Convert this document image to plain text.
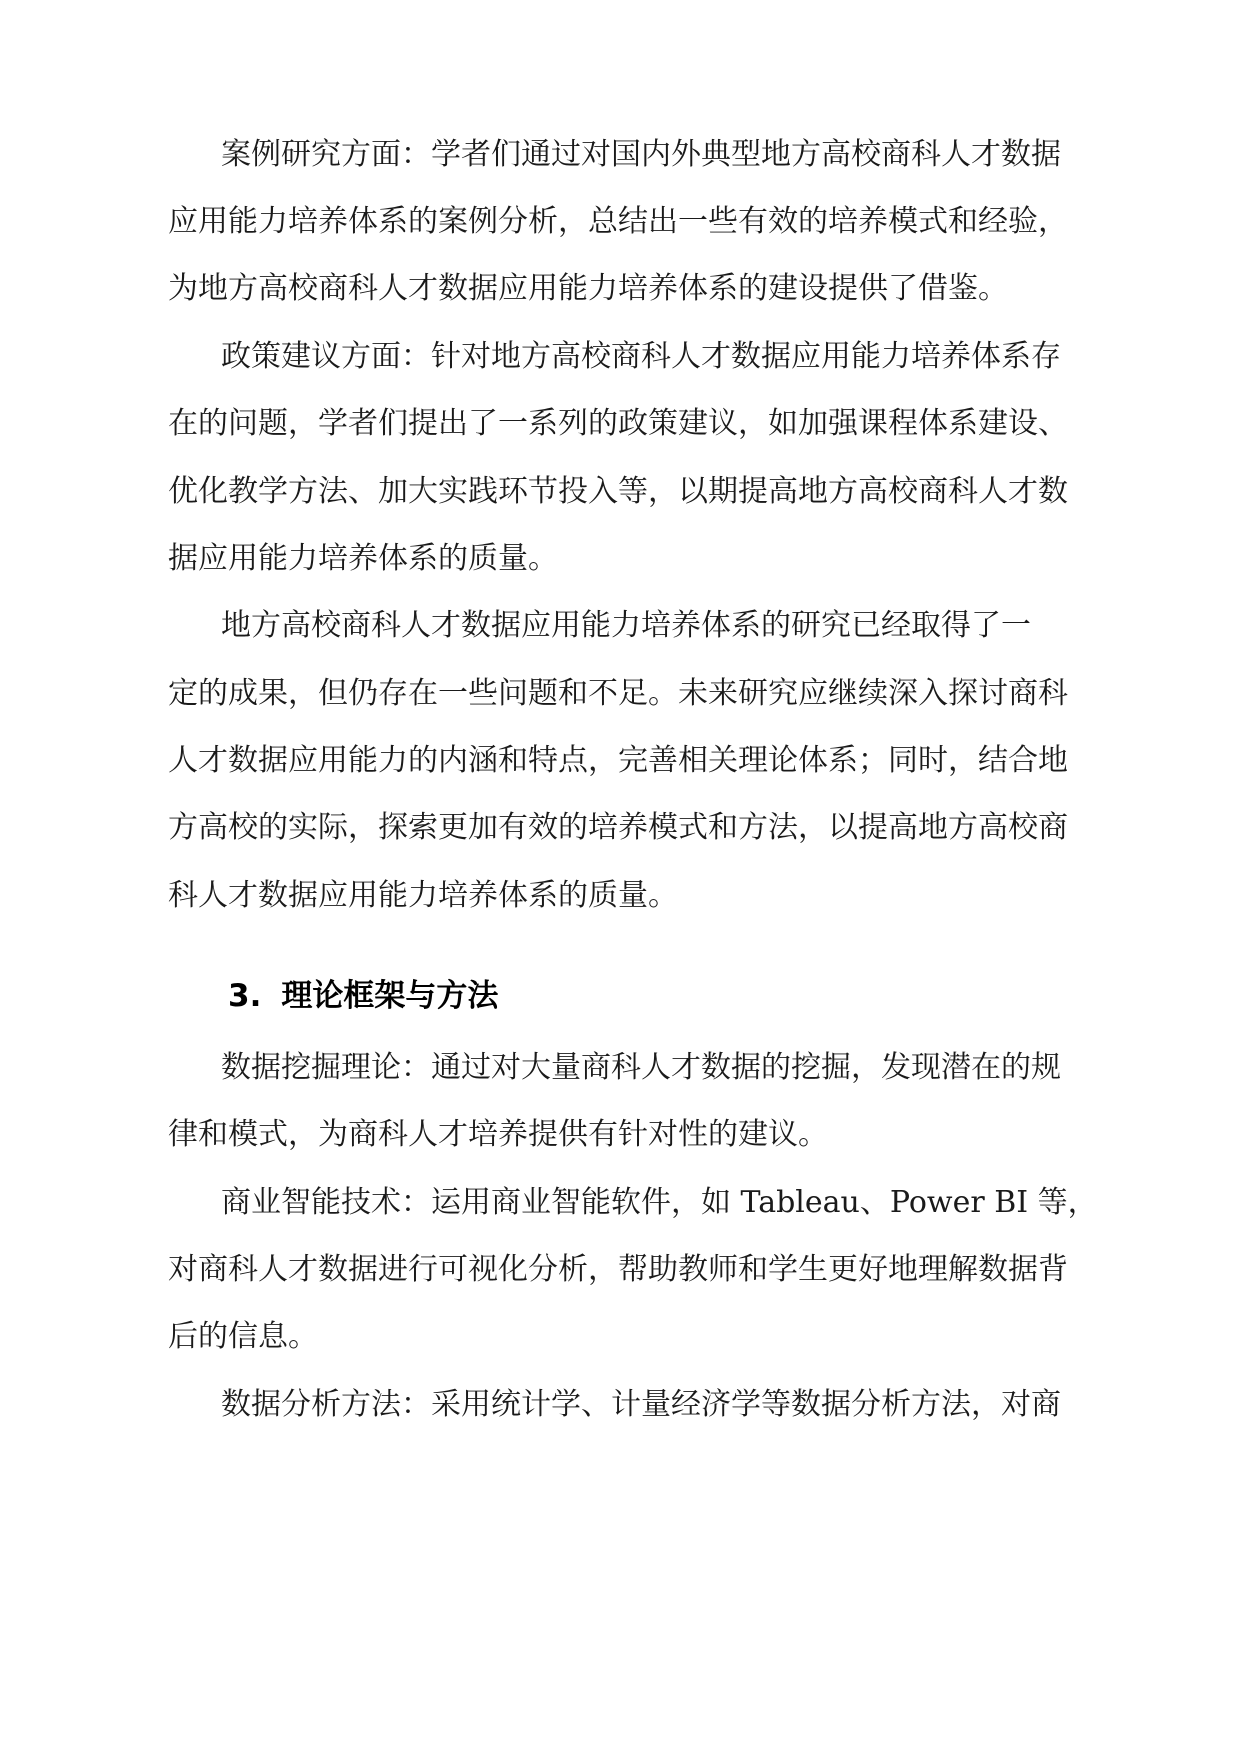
案例研究方面：学者们通过对国内外典型地方高校商科人才数据

应用能力培养体系的案例分析，总结出一些有效的培养模式和经验，

为地方高校商科人才数据应用能力培养体系的建设提供了借鉴。

政策建议方面：针对地方高校商科人才数据应用能力培养体系存

在的问题，学者们提出了一系列的政策建议，如加强课程体系建设、

优化教学方法、加大实践环节投入等，以期提高地方高校商科人才数

据应用能力培养体系的质量。

地方高校商科人才数据应用能力培养体系的研究已经取得了一

定的成果，但仍存在一些问题和不足。未来研究应继续深入探讨商科

人才数据应用能力的内涵和特点，完善相关理论体系；同时，结合地

方高校的实际，探索更加有效的培养模式和方法，以提高地方高校商

科人才数据应用能力培养体系的质量。

3. 理论框架与方法

数据挖掘理论：通过对大量商科人才数据的挖掘，发现潜在的规

律和模式，为商科人才培养提供有针对性的建议。

商业智能技术：运用商业智能软件，如 Tableau、Power BI 等，

对商科人才数据进行可视化分析，帮助教师和学生更好地理解数据背

后的信息。

数据分析方法：采用统计学、计量经济学等数据分析方法，对商
